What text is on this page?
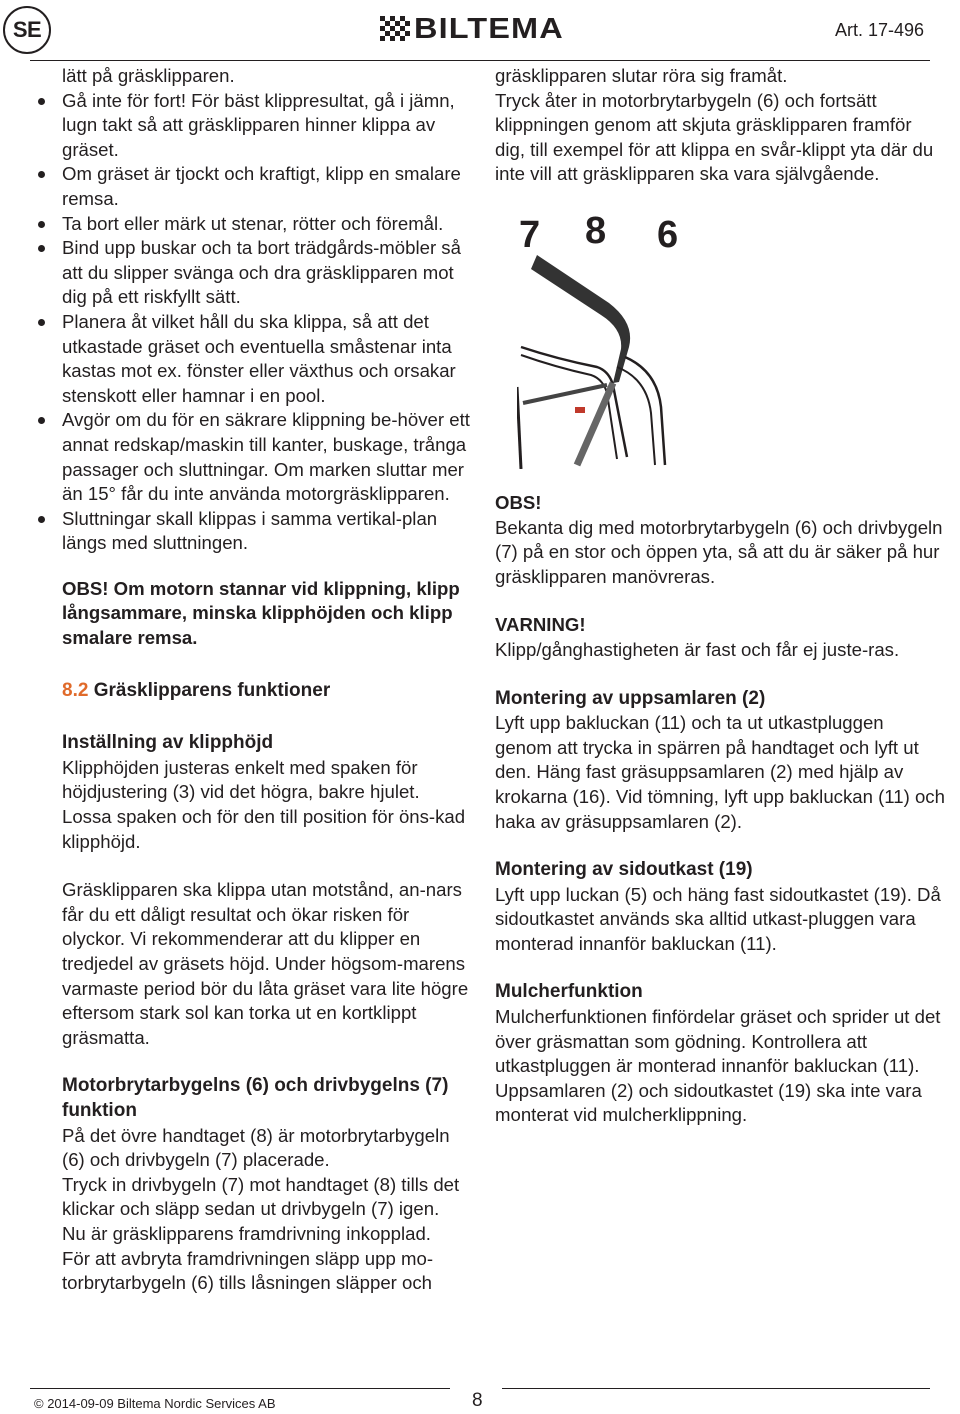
SE	BILTEMA	Art. 17-496
lätt på gräsklipparen.
Gå inte för fort! För bäst klippresultat, gå i jämn, lugn takt så att gräsklipparen hinner klippa av gräset.
Om gräset är tjockt och kraftigt, klipp en smalare remsa.
Ta bort eller märk ut stenar, rötter och föremål.
Bind upp buskar och ta bort trädgårds-möbler så att du slipper svänga och dra gräsklipparen mot dig på ett riskfyllt sätt.
Planera åt vilket håll du ska klippa, så att det utkastade gräset och eventuella småstenar inta kastas mot ex. fönster eller växthus och orsakar stenskott eller hamnar i en pool.
Avgör om du för en säkrare klippning be-höver ett annat redskap/maskin till kanter, buskage, trånga passager och sluttningar. Om marken sluttar mer än 15° får du inte använda motorgräsklipparen.
Sluttningar skall klippas i samma vertikal-plan längs med sluttningen.
OBS! Om motorn stannar vid klippning, klipp långsammare, minska klipphöjden och klipp smalare remsa.
8.2 Gräsklipparens funktioner
Inställning av klipphöjd
Klipphöjden justeras enkelt med spaken för höjdjustering (3) vid det högra, bakre hjulet. Lossa spaken och för den till position för öns-kad klipphöjd.
Gräsklipparen ska klippa utan motstånd, an-nars får du ett dåligt resultat och ökar risken för olyckor. Vi rekommenderar att du klipper en tredjedel av gräsets höjd. Under högsom-marens varmaste period bör du låta gräset vara lite högre eftersom stark sol kan torka ut en kortklippt gräsmatta.
Motorbrytarbygelns (6) och drivbygelns (7) funktion
På det övre handtaget (8) är motorbrytarbygeln (6) och drivbygeln (7) placerade.
Tryck in drivbygeln (7) mot handtaget (8) tills det klickar och släpp sedan ut drivbygeln (7) igen.
Nu är gräsklipparens framdrivning inkopplad.
För att avbryta framdrivningen släpp upp mo-torbrytarbygeln (6) tills låsningen släpper och
gräsklipparen slutar röra sig framåt.
Tryck åter in motorbrytarbygeln (6) och fortsätt klippningen genom att skjuta gräsklipparen framför dig, till exempel för att klippa en svår-klippt yta där du inte vill att gräsklipparen ska vara självgående.
7 8 6
OBS!
Bekanta dig med motorbrytarbygeln (6) och drivbygeln (7) på en stor och öppen yta, så att du är säker på hur gräsklipparen manövreras.
VARNING!
Klipp/gånghastigheten är fast och får ej juste-ras.
Montering av uppsamlaren (2)
Lyft upp bakluckan (11) och ta ut utkastpluggen genom att trycka in spärren på handtaget och lyft ut den. Häng fast gräsuppsamlaren (2) med hjälp av krokarna (16). Vid tömning, lyft upp bakluckan (11) och haka av gräsuppsamlaren (2).
Montering av sidoutkast (19)
Lyft upp luckan (5) och häng fast sidoutkastet (19). Då sidoutkastet används ska alltid utkast-pluggen vara monterad innanför bakluckan (11).
Mulcherfunktion
Mulcherfunktionen finfördelar gräset och sprider ut det över gräsmattan som gödning. Kontrollera att utkastpluggen är monterad innanför bakluckan (11). Uppsamlaren (2) och sidoutkastet (19) ska inte vara monterat vid mulcherklippning.
© 2014-09-09 Biltema Nordic Services AB	8
